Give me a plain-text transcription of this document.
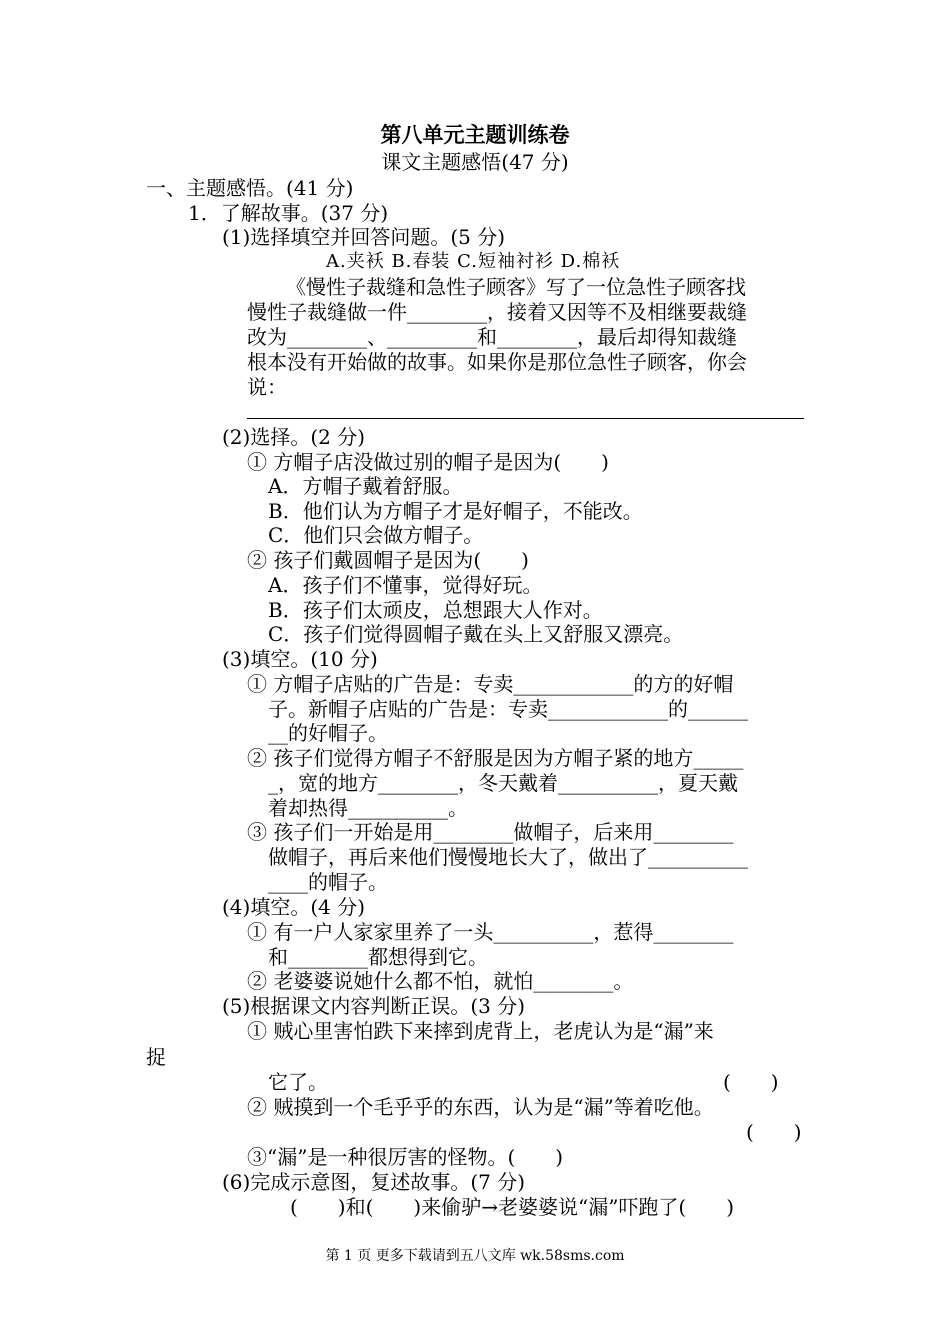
第八单元主题训练卷
课文主题感悟(47 分)
一、主题感悟。(41 分)
1．了解故事。(37 分)
(1)选择填空并回答问题。(5 分)
A.夹袄 B.春装 C.短袖衬衫 D.棉袄
《慢性子裁缝和急性子顾客》写了一位急性子顾客找
慢性子裁缝做一件________，接着又因等不及相继要裁缝
改为________、_________和________，最后却得知裁缝
根本没有开始做的故事。如果你是那位急性子顾客，你会
说：
(2)选择。(2 分)
① 方帽子店没做过别的帽子是因为(　　)
A．方帽子戴着舒服。
B．他们认为方帽子才是好帽子，不能改。
C．他们只会做方帽子。
② 孩子们戴圆帽子是因为(　　)
A．孩子们不懂事，觉得好玩。
B．孩子们太顽皮，总想跟大人作对。
C．孩子们觉得圆帽子戴在头上又舒服又漂亮。
(3)填空。(10 分)
① 方帽子店贴的广告是：专卖____________的方的好帽
子。新帽子店贴的广告是：专卖____________的______
__的好帽子。
② 孩子们觉得方帽子不舒服是因为方帽子紧的地方_____
_，宽的地方________，冬天戴着__________，夏天戴
着却热得__________。
③ 孩子们一开始是用________做帽子，后来用________
做帽子，再后来他们慢慢地长大了，做出了__________
____的帽子。
(4)填空。(4 分)
① 有一户人家家里养了一头__________，惹得________
和________都想得到它。
② 老婆婆说她什么都不怕，就怕________。
(5)根据课文内容判断正误。(3 分)
① 贼心里害怕跌下来摔到虎背上，老虎认为是“漏”来
捉
它了。	(　　)
② 贼摸到一个毛乎乎的东西，认为是“漏”等着吃他。
(　　)
③“漏”是一种很厉害的怪物。(　　)
(6)完成示意图，复述故事。(7 分)
(　　)和(　　)来偷驴→老婆婆说“漏”吓跑了(　　)
第 1 页 更多下载请到五八文库 wk.58sms.com
